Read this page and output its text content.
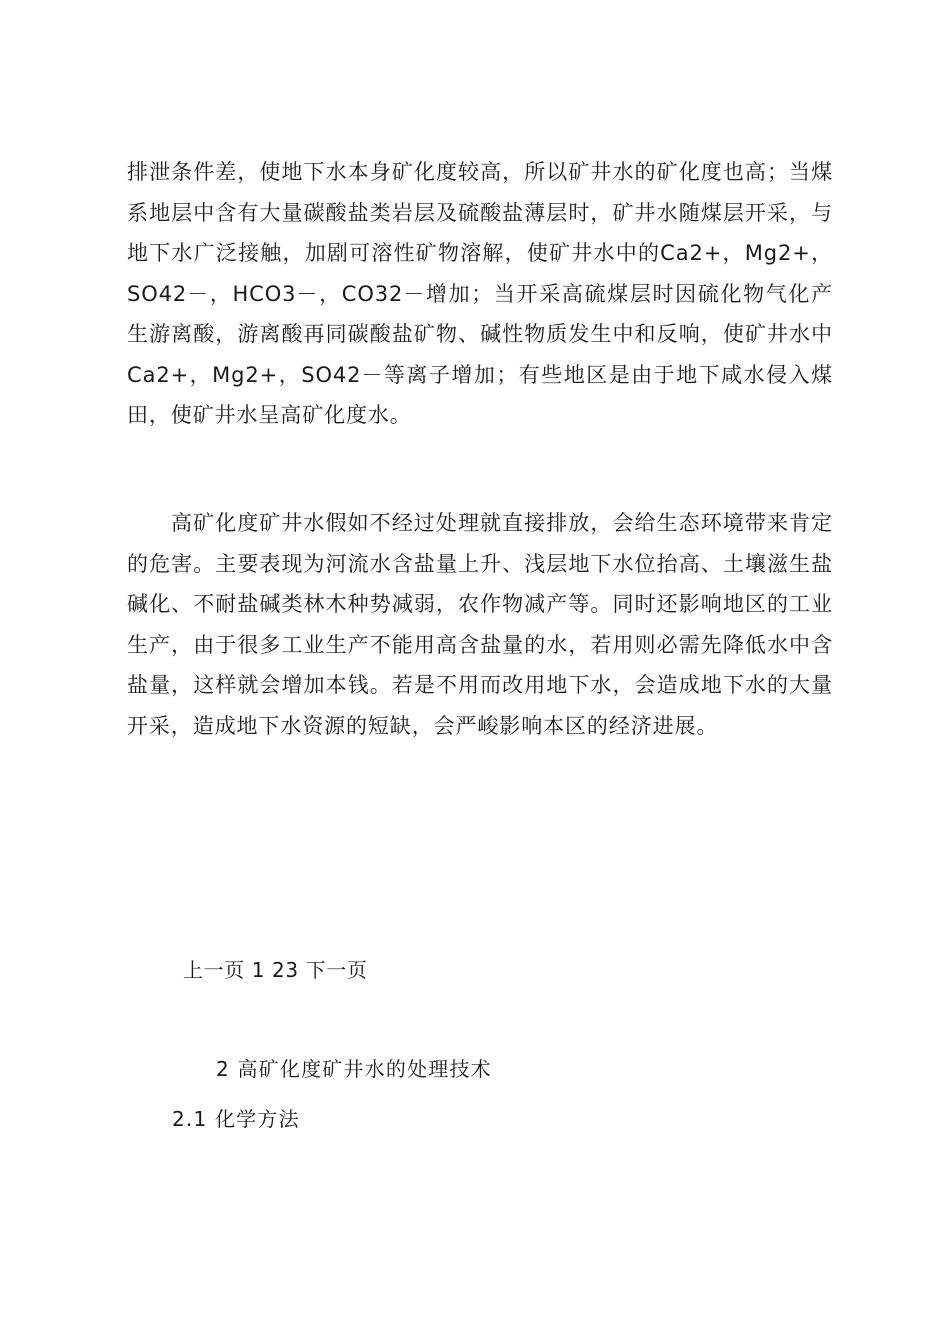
排泄条件差，使地下水本身矿化度较高，所以矿井水的矿化度也高；当煤系地层中含有大量碳酸盐类岩层及硫酸盐薄层时，矿井水随煤层开采，与地下水广泛接触，加剧可溶性矿物溶解，使矿井水中的Ca2+，Mg2+，SO42－，HCO3－，CO32－增加；当开采高硫煤层时因硫化物气化产生游离酸，游离酸再同碳酸盐矿物、碱性物质发生中和反响，使矿井水中Ca2+，Mg2+，SO42－等离子增加；有些地区是由于地下咸水侵入煤田，使矿井水呈高矿化度水。

高矿化度矿井水假如不经过处理就直接排放，会给生态环境带来肯定的危害。主要表现为河流水含盐量上升、浅层地下水位抬高、土壤滋生盐碱化、不耐盐碱类林木种势减弱，农作物减产等。同时还影响地区的工业生产，由于很多工业生产不能用高含盐量的水，若用则必需先降低水中含盐量，这样就会增加本钱。若是不用而改用地下水，会造成地下水的大量开采，造成地下水资源的短缺，会严峻影响本区的经济进展。

上一页 1 23 下一页

2 高矿化度矿井水的处理技术
2.1 化学方法
